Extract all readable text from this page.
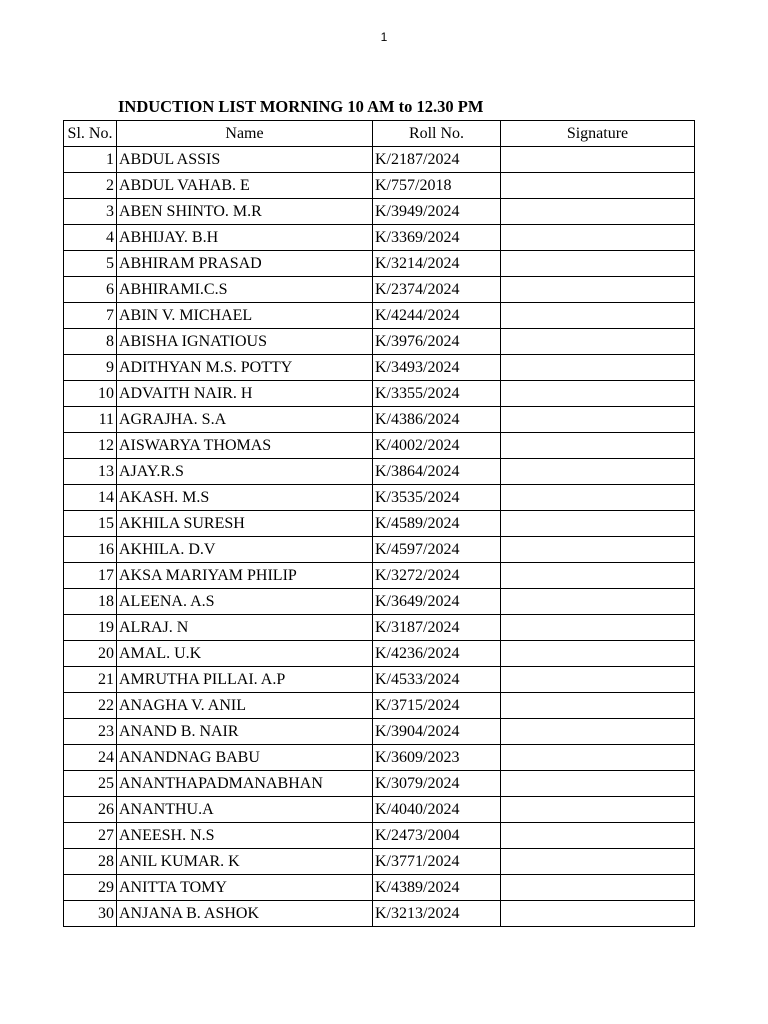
1
INDUCTION LIST MORNING 10 AM to 12.30 PM
Sl. No.	Name	Roll No.	Signature
1	ABDUL ASSIS	K/2187/2024	
2	ABDUL VAHAB. E	K/757/2018	
3	ABEN SHINTO. M.R	K/3949/2024	
4	ABHIJAY. B.H	K/3369/2024	
5	ABHIRAM PRASAD	K/3214/2024	
6	ABHIRAMI.C.S	K/2374/2024	
7	ABIN V. MICHAEL	K/4244/2024	
8	ABISHA IGNATIOUS	K/3976/2024	
9	ADITHYAN M.S. POTTY	K/3493/2024	
10	ADVAITH NAIR. H	K/3355/2024	
11	AGRAJHA. S.A	K/4386/2024	
12	AISWARYA THOMAS	K/4002/2024	
13	AJAY.R.S	K/3864/2024	
14	AKASH. M.S	K/3535/2024	
15	AKHILA SURESH	K/4589/2024	
16	AKHILA. D.V	K/4597/2024	
17	AKSA MARIYAM PHILIP	K/3272/2024	
18	ALEENA. A.S	K/3649/2024	
19	ALRAJ. N	K/3187/2024	
20	AMAL. U.K	K/4236/2024	
21	AMRUTHA PILLAI. A.P	K/4533/2024	
22	ANAGHA V. ANIL	K/3715/2024	
23	ANAND B. NAIR	K/3904/2024	
24	ANANDNAG BABU	K/3609/2023	
25	ANANTHAPADMANABHAN	K/3079/2024	
26	ANANTHU.A	K/4040/2024	
27	ANEESH. N.S	K/2473/2004	
28	ANIL KUMAR. K	K/3771/2024	
29	ANITTA TOMY	K/4389/2024	
30	ANJANA B. ASHOK	K/3213/2024	
